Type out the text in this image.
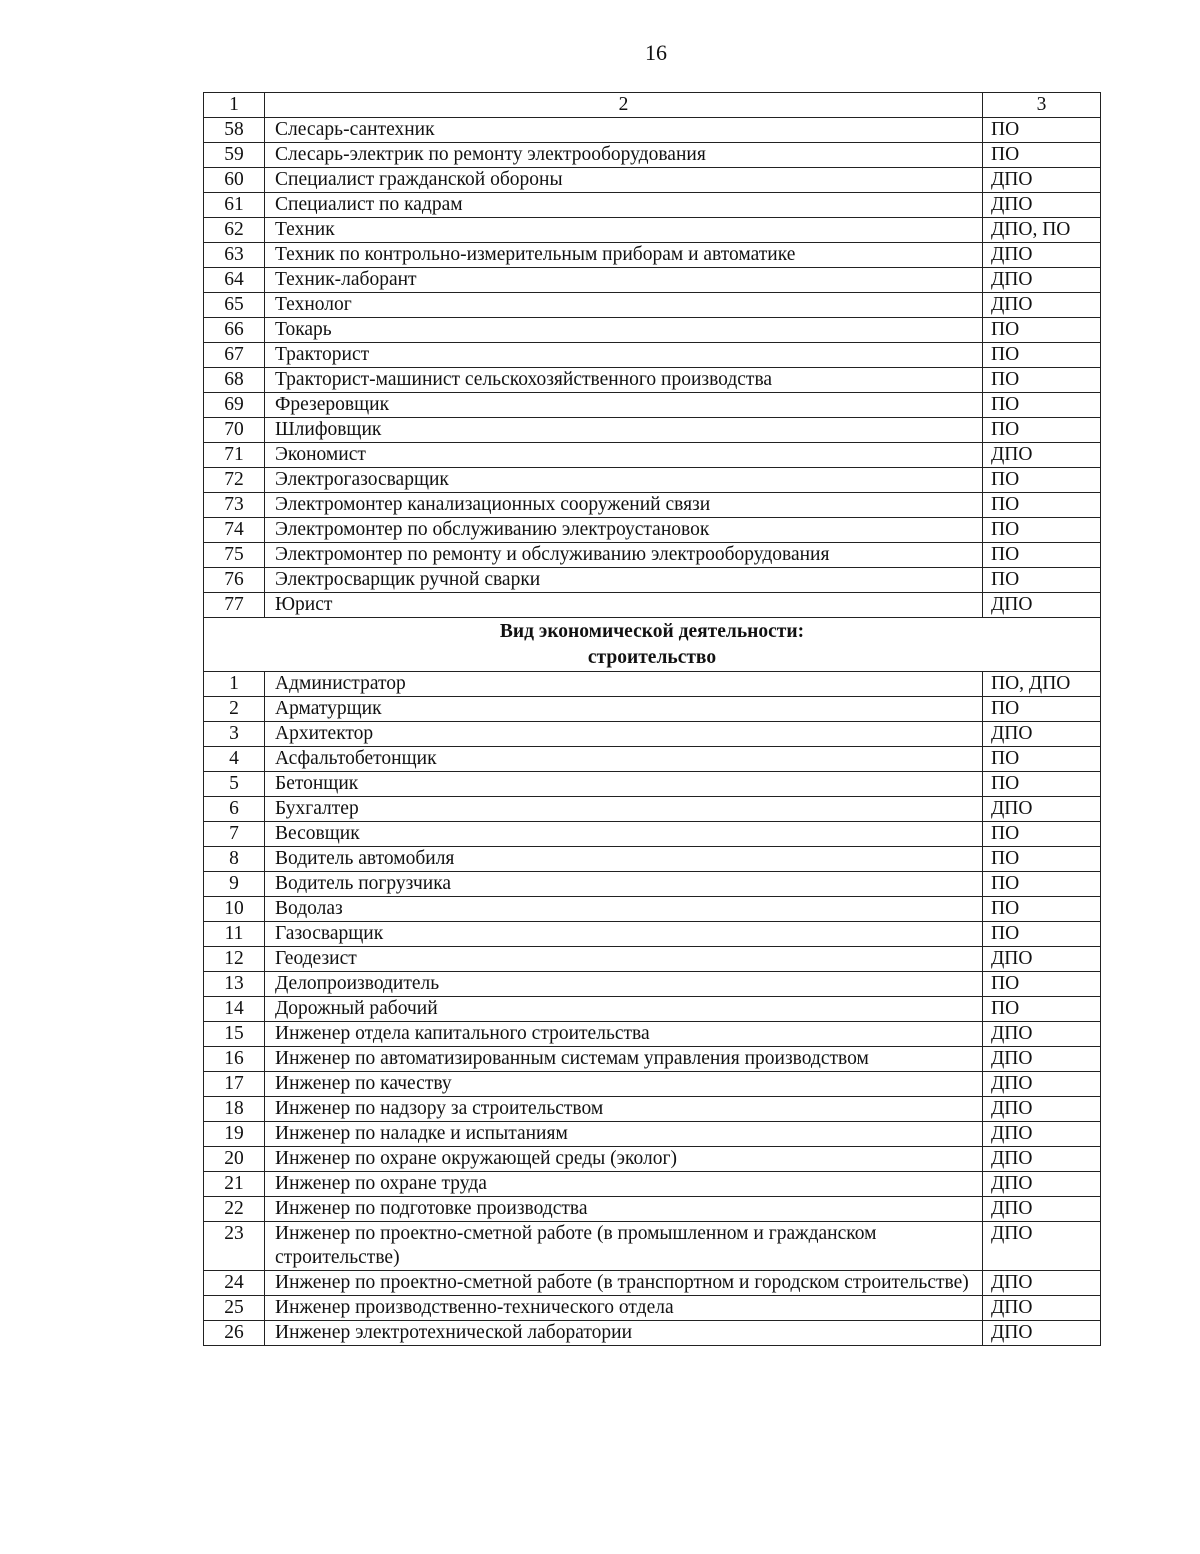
16
1	2	3
58	Слесарь-сантехник	ПО
59	Слесарь-электрик по ремонту электрооборудования	ПО
60	Специалист гражданской обороны	ДПО
61	Специалист по кадрам	ДПО
62	Техник	ДПО, ПО
63	Техник по контрольно-измерительным приборам и автоматике	ДПО
64	Техник-лаборант	ДПО
65	Технолог	ДПО
66	Токарь	ПО
67	Тракторист	ПО
68	Тракторист-машинист сельскохозяйственного производства	ПО
69	Фрезеровщик	ПО
70	Шлифовщик	ПО
71	Экономист	ДПО
72	Электрогазосварщик	ПО
73	Электромонтер канализационных сооружений связи	ПО
74	Электромонтер по обслуживанию электроустановок	ПО
75	Электромонтер по ремонту и обслуживанию электрооборудования	ПО
76	Электросварщик ручной сварки	ПО
77	Юрист	ДПО

Вид экономической деятельности:
строительство		

1	Администратор	ПО, ДПО
2	Арматурщик	ПО
3	Архитектор	ДПО
4	Асфальтобетонщик	ПО
5	Бетонщик	ПО
6	Бухгалтер	ДПО
7	Весовщик	ПО
8	Водитель автомобиля	ПО
9	Водитель погрузчика	ПО
10	Водолаз	ПО
11	Газосварщик	ПО
12	Геодезист	ДПО
13	Делопроизводитель	ПО
14	Дорожный рабочий	ПО
15	Инженер отдела капитального строительства	ДПО
16	Инженер по автоматизированным системам управления производством	ДПО
17	Инженер по качеству	ДПО
18	Инженер по надзору за строительством	ДПО
19	Инженер по наладке и испытаниям	ДПО
20	Инженер по охране окружающей среды (эколог)	ДПО
21	Инженер по охране труда	ДПО
22	Инженер по подготовке производства	ДПО
23	Инженер по проектно-сметной работе (в промышленном и гражданском строительстве)	ДПО
24	Инженер по проектно-сметной работе (в транспортном и городском строительстве)	ДПО
25	Инженер производственно-технического отдела	ДПО
26	Инженер электротехнической лаборатории	ДПО
